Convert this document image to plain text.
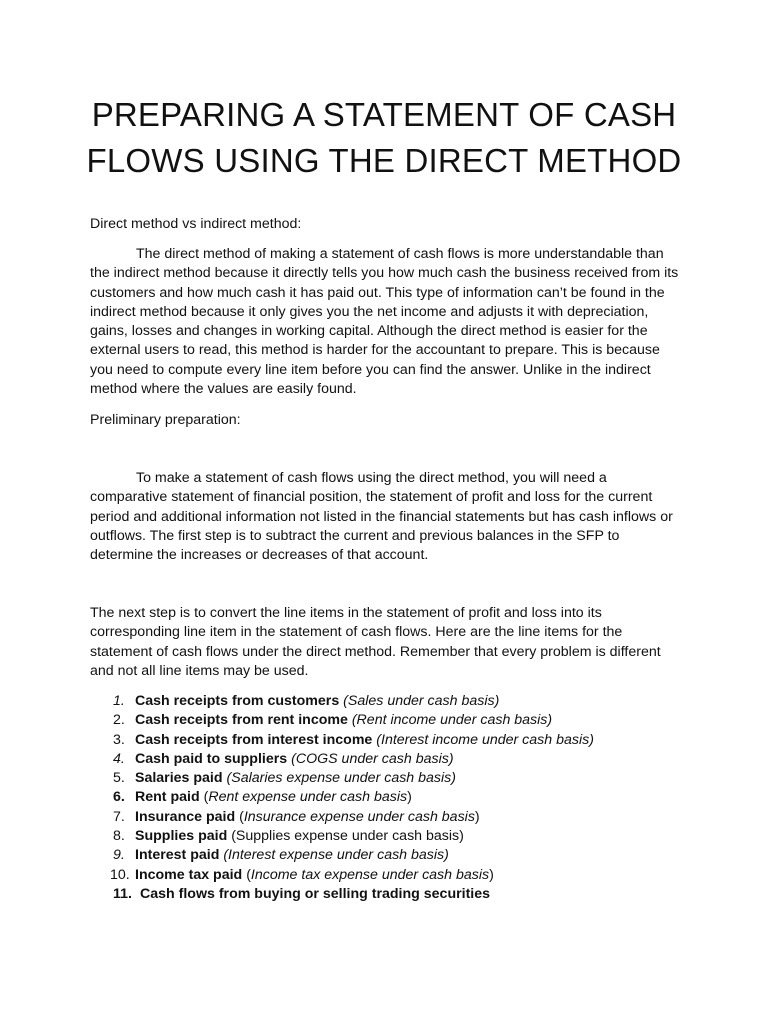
PREPARING A STATEMENT OF CASH
FLOWS USING THE DIRECT METHOD

Direct method vs indirect method:

The direct method of making a statement of cash flows is more understandable than the indirect method because it directly tells you how much cash the business received from its customers and how much cash it has paid out. This type of information can’t be found in the indirect method because it only gives you the net income and adjusts it with depreciation, gains, losses and changes in working capital. Although the direct method is easier for the external users to read, this method is harder for the accountant to prepare. This is because you need to compute every line item before you can find the answer. Unlike in the indirect method where the values are easily found.

Preliminary preparation:

To make a statement of cash flows using the direct method, you will need a comparative statement of financial position, the statement of profit and loss for the current period and additional information not listed in the financial statements but has cash inflows or outflows. The first step is to subtract the current and previous balances in the SFP to determine the increases or decreases of that account.

The next step is to convert the line items in the statement of profit and loss into its corresponding line item in the statement of cash flows. Here are the line items for the statement of cash flows under the direct method. Remember that every problem is different and not all line items may be used.

1. Cash receipts from customers (Sales under cash basis)
2. Cash receipts from rent income (Rent income under cash basis)
3. Cash receipts from interest income (Interest income under cash basis)
4. Cash paid to suppliers (COGS under cash basis)
5. Salaries paid (Salaries expense under cash basis)
6. Rent paid (Rent expense under cash basis)
7. Insurance paid (Insurance expense under cash basis)
8. Supplies paid (Supplies expense under cash basis)
9. Interest paid (Interest expense under cash basis)
10. Income tax paid (Income tax expense under cash basis)
11. Cash flows from buying or selling trading securities
